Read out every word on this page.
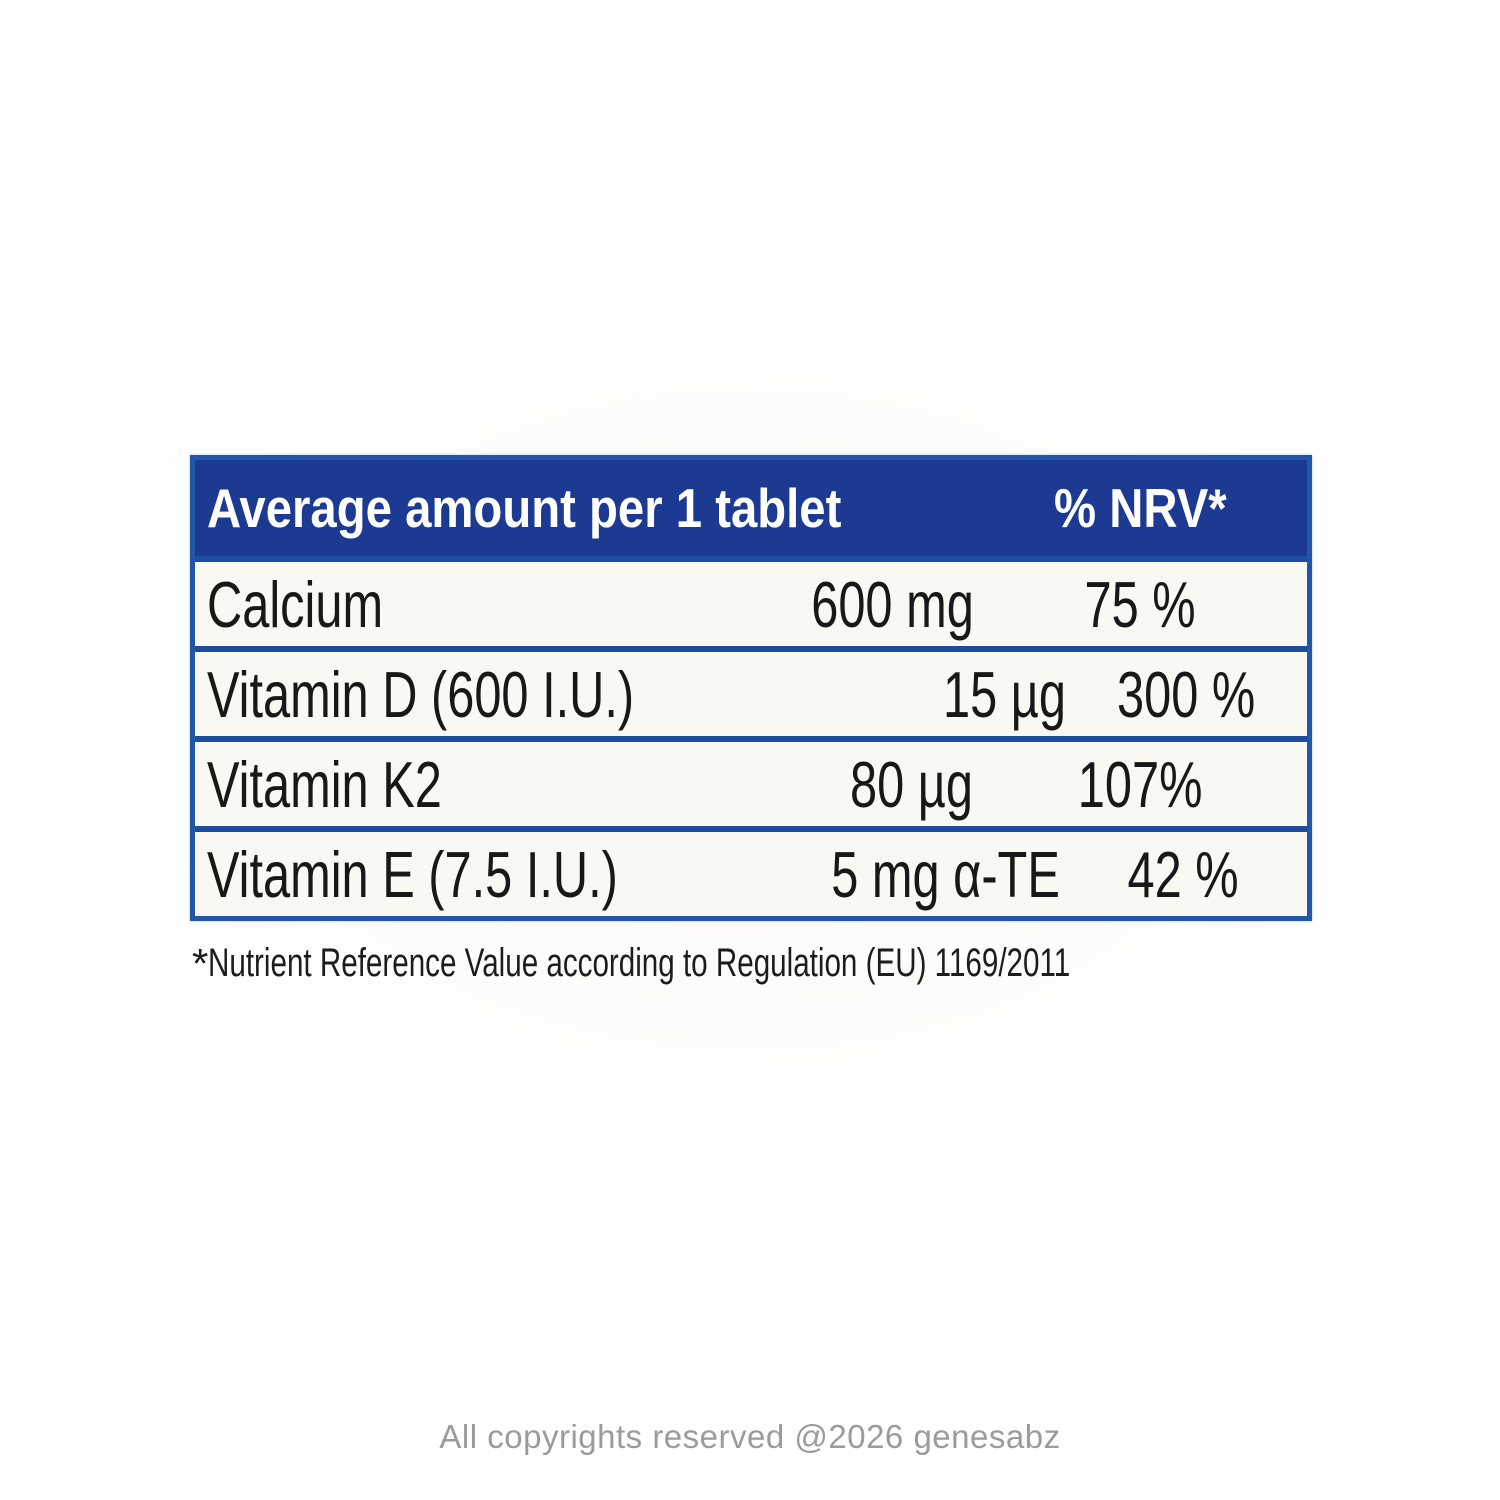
Average amount per 1 tablet	% NRV*
Calcium	600 mg	75 %
Vitamin D (600 I.U.)	15 µg 300 %
Vitamin K2	80 µg	107%
Vitamin E (7.5 I.U.)	5 mg α-TE	42 %
* Nutrient Reference Value according to Regulation (EU) 1169/2011
All copyrights reserved @2026 genesabz
